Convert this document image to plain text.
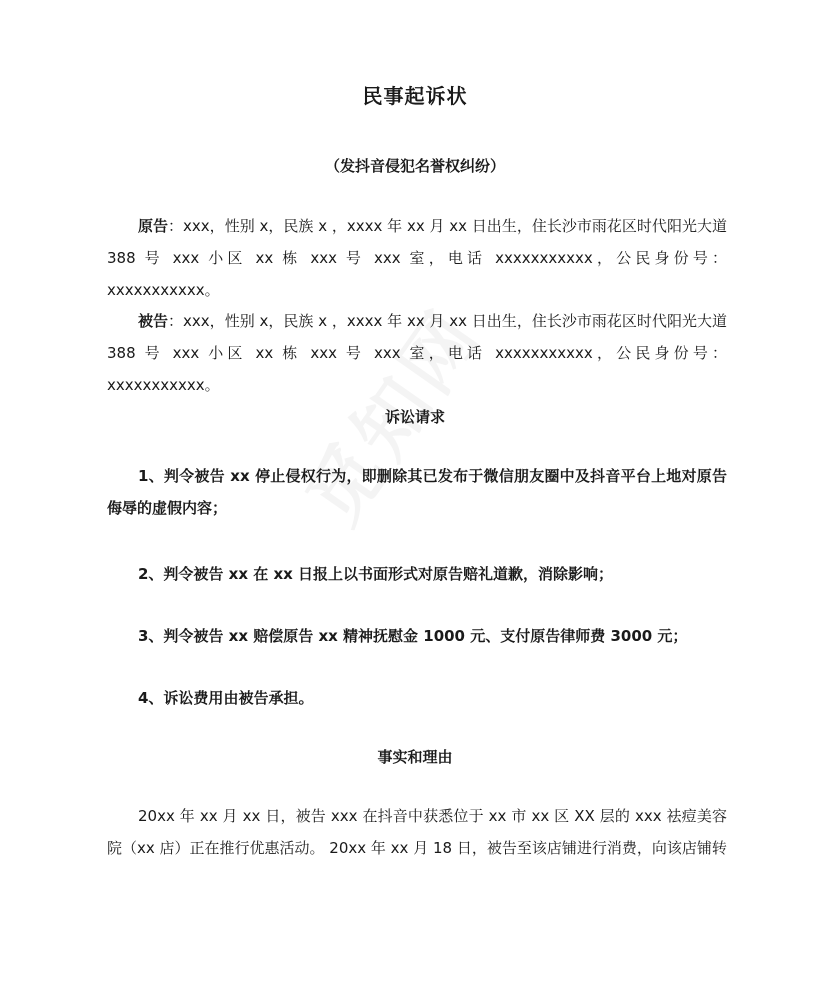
民事起诉状
（发抖音侵犯名誉权纠纷）
原告：xxx，性别 x，民族 x ，xxxx 年 xx 月 xx 日出生，住长沙市雨花区时代阳光大道 388 号 xxx 小区 xx 栋 xxx 号 xxx 室，电话 xxxxxxxxxxx，公民身份号：xxxxxxxxxxx。
被告：xxx，性别 x，民族 x ，xxxx 年 xx 月 xx 日出生，住长沙市雨花区时代阳光大道 388 号 xxx 小区 xx 栋 xxx 号 xxx 室，电话 xxxxxxxxxxx，公民身份号：xxxxxxxxxxx。
诉讼请求
1、判令被告 xx 停止侵权行为，即删除其已发布于微信朋友圈中及抖音平台上地对原告侮辱的虚假内容；
2、判令被告 xx 在 xx 日报上以书面形式对原告赔礼道歉，消除影响；
3、判令被告 xx 赔偿原告 xx 精神抚慰金 1000 元、支付原告律师费 3000 元；
4、诉讼费用由被告承担。
事实和理由
20xx 年 xx 月 xx 日，被告 xxx 在抖音中获悉位于 xx 市 xx 区 XX 层的 xxx 祛痘美容院（xx 店）正在推行优惠活动。 20xx 年 xx 月 18 日，被告至该店铺进行消费，向该店铺转
